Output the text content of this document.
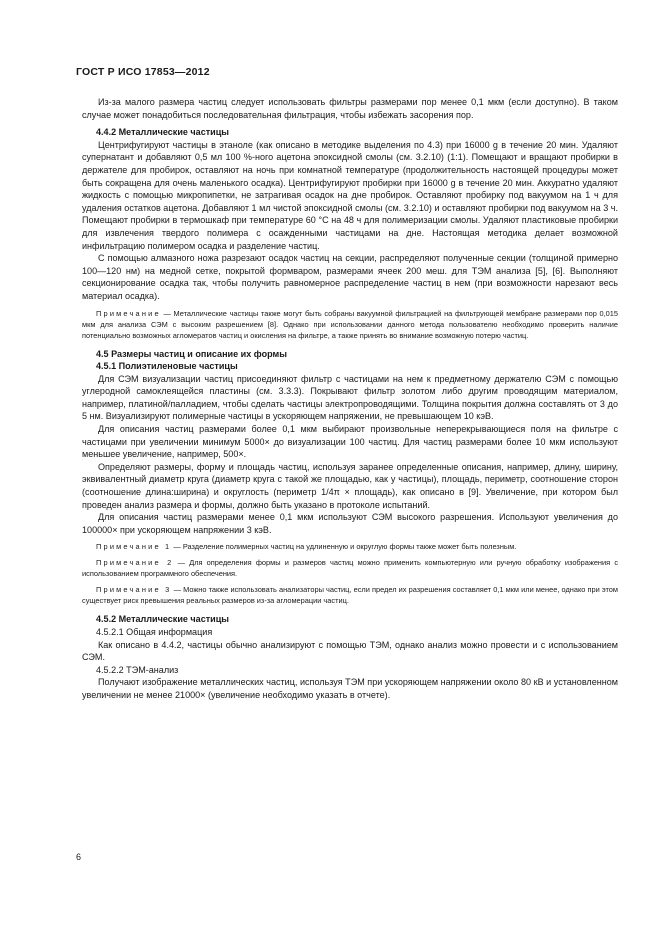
ГОСТ Р ИСО 17853—2012

Из-за малого размера частиц следует использовать фильтры размерами пор менее 0,1 мкм (если доступно). В таком случае может понадобиться последовательная фильтрация, чтобы избежать засорения пор.

4.4.2 Металлические частицы

Центрифугируют частицы в этаноле (как описано в методике выделения по 4.3) при 16000 g в течение 20 мин. Удаляют супернатант и добавляют 0,5 мл 100 %-ного ацетона эпоксидной смолы (см. 3.2.10) (1:1). Помещают и вращают пробирки в держателе для пробирок, оставляют на ночь при комнатной температуре (продолжительность настоящей процедуры может быть сокращена для очень маленького осадка). Центрифугируют пробирки при 16000 g в течение 20 мин. Аккуратно удаляют жидкость с помощью микропипетки, не затрагивая осадок на дне пробирок. Оставляют пробирку под вакуумом на 1 ч для удаления остатков ацетона. Добавляют 1 мл чистой эпоксидной смолы (см. 3.2.10) и оставляют пробирки под вакуумом на 3 ч. Помещают пробирки в термошкаф при температуре 60 °С на 48 ч для полимеризации смолы. Удаляют пластиковые пробирки для извлечения твердого полимера с осажденными частицами на дне. Настоящая методика делает возможной инфильтрацию полимером осадка и разделение частиц.

С помощью алмазного ножа разрезают осадок частиц на секции, распределяют полученные секции (толщиной примерно 100—120 нм) на медной сетке, покрытой формваром, размерами ячеек 200 меш. для ТЭМ анализа [5], [6]. Выполняют секционирование осадка так, чтобы получить равномерное распределение частиц в нем (при возможности нарезают весь материал осадка).

Примечание — Металлические частицы также могут быть собраны вакуумной фильтрацией на фильтрующей мембране размерами пор 0,015 мкм для анализа СЭМ с высоким разрешением [8]. Однако при использовании данного метода пользователю необходимо проверить наличие потенциально возможных агломератов частиц и окисления на фильтре, а также принять во внимание возможную потерю частиц.

4.5 Размеры частиц и описание их формы

4.5.1 Полиэтиленовые частицы

Для СЭМ визуализации частиц присоединяют фильтр с частицами на нем к предметному держателю СЭМ с помощью углеродной самоклеящейся пластины (см. 3.3.3). Покрывают фильтр золотом либо другим проводящим материалом, например, платиной/палладием, чтобы сделать частицы электропроводящими. Толщина покрытия должна составлять от 3 до 5 нм. Визуализируют полимерные частицы в ускоряющем напряжении, не превышающем 10 кэВ.

Для описания частиц размерами более 0,1 мкм выбирают произвольные неперекрывающиеся поля на фильтре с частицами при увеличении минимум 5000× до визуализации 100 частиц. Для частиц размерами более 10 мкм используют меньшее увеличение, например, 500×.

Определяют размеры, форму и площадь частиц, используя заранее определенные описания, например, длину, ширину, эквивалентный диаметр круга (диаметр круга с такой же площадью, как у частицы), площадь, периметр, соотношение сторон (соотношение длина:ширина) и округлость (периметр 1/4π × площадь), как описано в [9]. Увеличение, при котором был проведен анализ размера и формы, должно быть указано в протоколе испытаний.

Для описания частиц размерами менее 0,1 мкм используют СЭМ высокого разрешения. Используют увеличения до 100000× при ускоряющем напряжении 3 кэВ.

Примечание 1 — Разделение полимерных частиц на удлиненную и округлую формы также может быть полезным.

Примечание 2 — Для определения формы и размеров частиц можно применить компьютерную или ручную обработку изображения с использованием программного обеспечения.

Примечание 3 — Можно также использовать анализаторы частиц, если предел их разрешения составляет 0,1 мкм или менее, однако при этом существует риск превышения реальных размеров из-за агломерации частиц.

4.5.2 Металлические частицы

4.5.2.1 Общая информация

Как описано в 4.4.2, частицы обычно анализируют с помощью ТЭМ, однако анализ можно провести и с использованием СЭМ.

4.5.2.2 ТЭМ-анализ

Получают изображение металлических частиц, используя ТЭМ при ускоряющем напряжении около 80 кВ и установленном увеличении не менее 21000× (увеличение необходимо указать в отчете).

6
